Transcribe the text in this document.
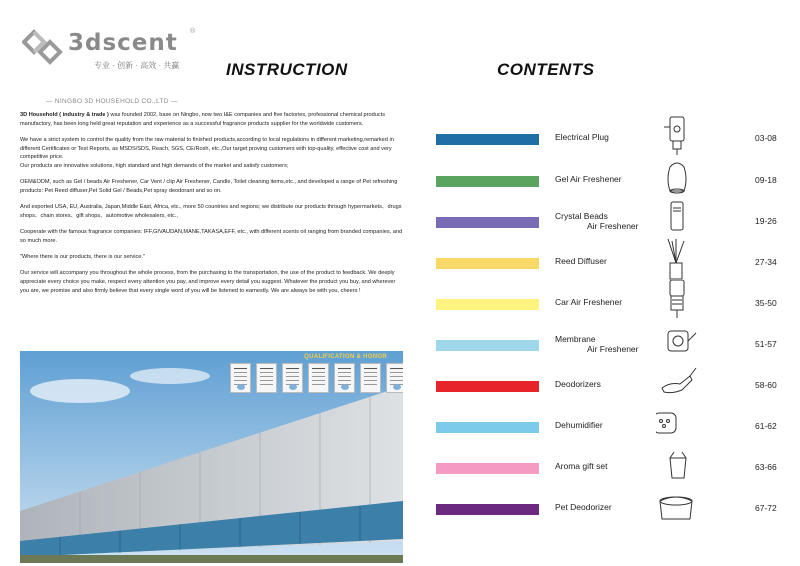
3dscent ®
专业 · 创新 · 高效 · 共赢
— NINGBO 3D HOUSEHOLD CO.,LTD —
INSTRUCTION	CONTENTS

3D Household ( industry & trade ) was founded 2002, base on Ningbo, now two I&E companies and five factories, professional chemical products manufactory, has been long held great reputation and experience as a successful fragrance products supplier for the worldwide customers.

We have a strict system to control the quality from the raw material to finished products,according to local regulations in different marketing,remarked in different Certificates or Test Reports, as MSDS/SDS, Reach, SGS, CE/Rosh, etc.,Our target proving customers with top-quality, effective cost and very competitive price.
Our products are innovative solutions, high standard and high demands of the market and satisfy customers;

OEM&ODM, such as Gel / beads Air Freshener, Car Vent / clip Air Freshener, Candle, Toilet cleaning items,etc., and developed a range of Pet refreshing products: Pet Reed diffuser,Pet Solid Gel / Beads,Pet spray deodorant and so on.

And exported USA, EU, Australia, Japan,Middle East, Africa, etc., more 50 countries and regions; we distribute our products through hypermarkets、drugs shops、chain stores、gift shops、automotive wholesalers, etc.,

Cooperate with the famous fragrance companies: IFF,GIVAUDAN,MANE,TAKASA,EFF, etc., with different scents oil ranging from branded companies, and so much more.

"Where there is our products, there is our service."

Our service will accompany you throughout the whole process, from the purchasing to the transportation, the use of the product to feedback. We deeply appreciate every choice you make, respect every attention you pay, and improve every detail you suggest. Whatever the product you buy, and wherever you are, we promise and also firmly believe that every single word of you will be listened to earnestly. We are always be with you, cheers !

QUALIFICATION & HONOR
Electrical Plug	03-08
Gel Air Freshener	09-18
Crystal Beads
Air Freshener	19-26
Reed Diffuser	27-34
Car Air Freshener	35-50
Membrane
Air Freshener	51-57
Deodorizers	58-60
Dehumidifier	61-62
Aroma gift set	63-66
Pet Deodorizer	67-72
